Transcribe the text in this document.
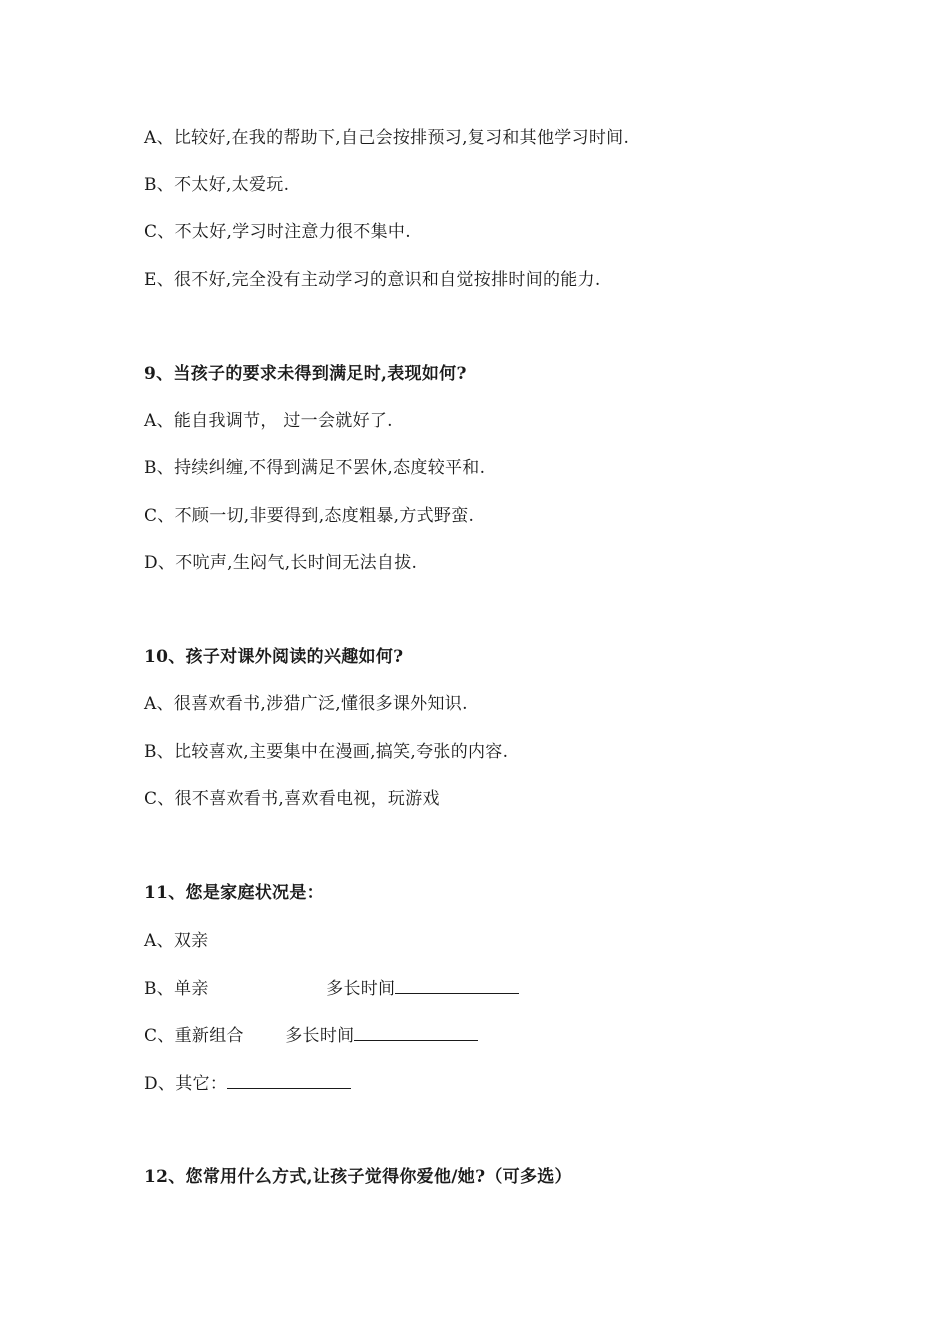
A、比较好,在我的帮助下,自己会按排预习,复习和其他学习时间.
B、不太好,太爱玩.
C、不太好,学习时注意力很不集中.
E、很不好,完全没有主动学习的意识和自觉按排时间的能力.
9、当孩子的要求未得到满足时,表现如何?
A、能自我调节， 过一会就好了.
B、持续纠缠,不得到满足不罢休,态度较平和.
C、不顾一切,非要得到,态度粗暴,方式野蛮.
D、不吭声,生闷气,长时间无法自拔.
10、孩子对课外阅读的兴趣如何?
A、很喜欢看书,涉猎广泛,懂很多课外知识.
B、比较喜欢,主要集中在漫画,搞笑,夸张的内容.
C、很不喜欢看书,喜欢看电视，玩游戏
11、您是家庭状况是：
A、双亲
B、单亲	多长时间
C、重新组合 多长时间
D、其它：
12、您常用什么方式,让孩子觉得你爱他/她?（可多选）
